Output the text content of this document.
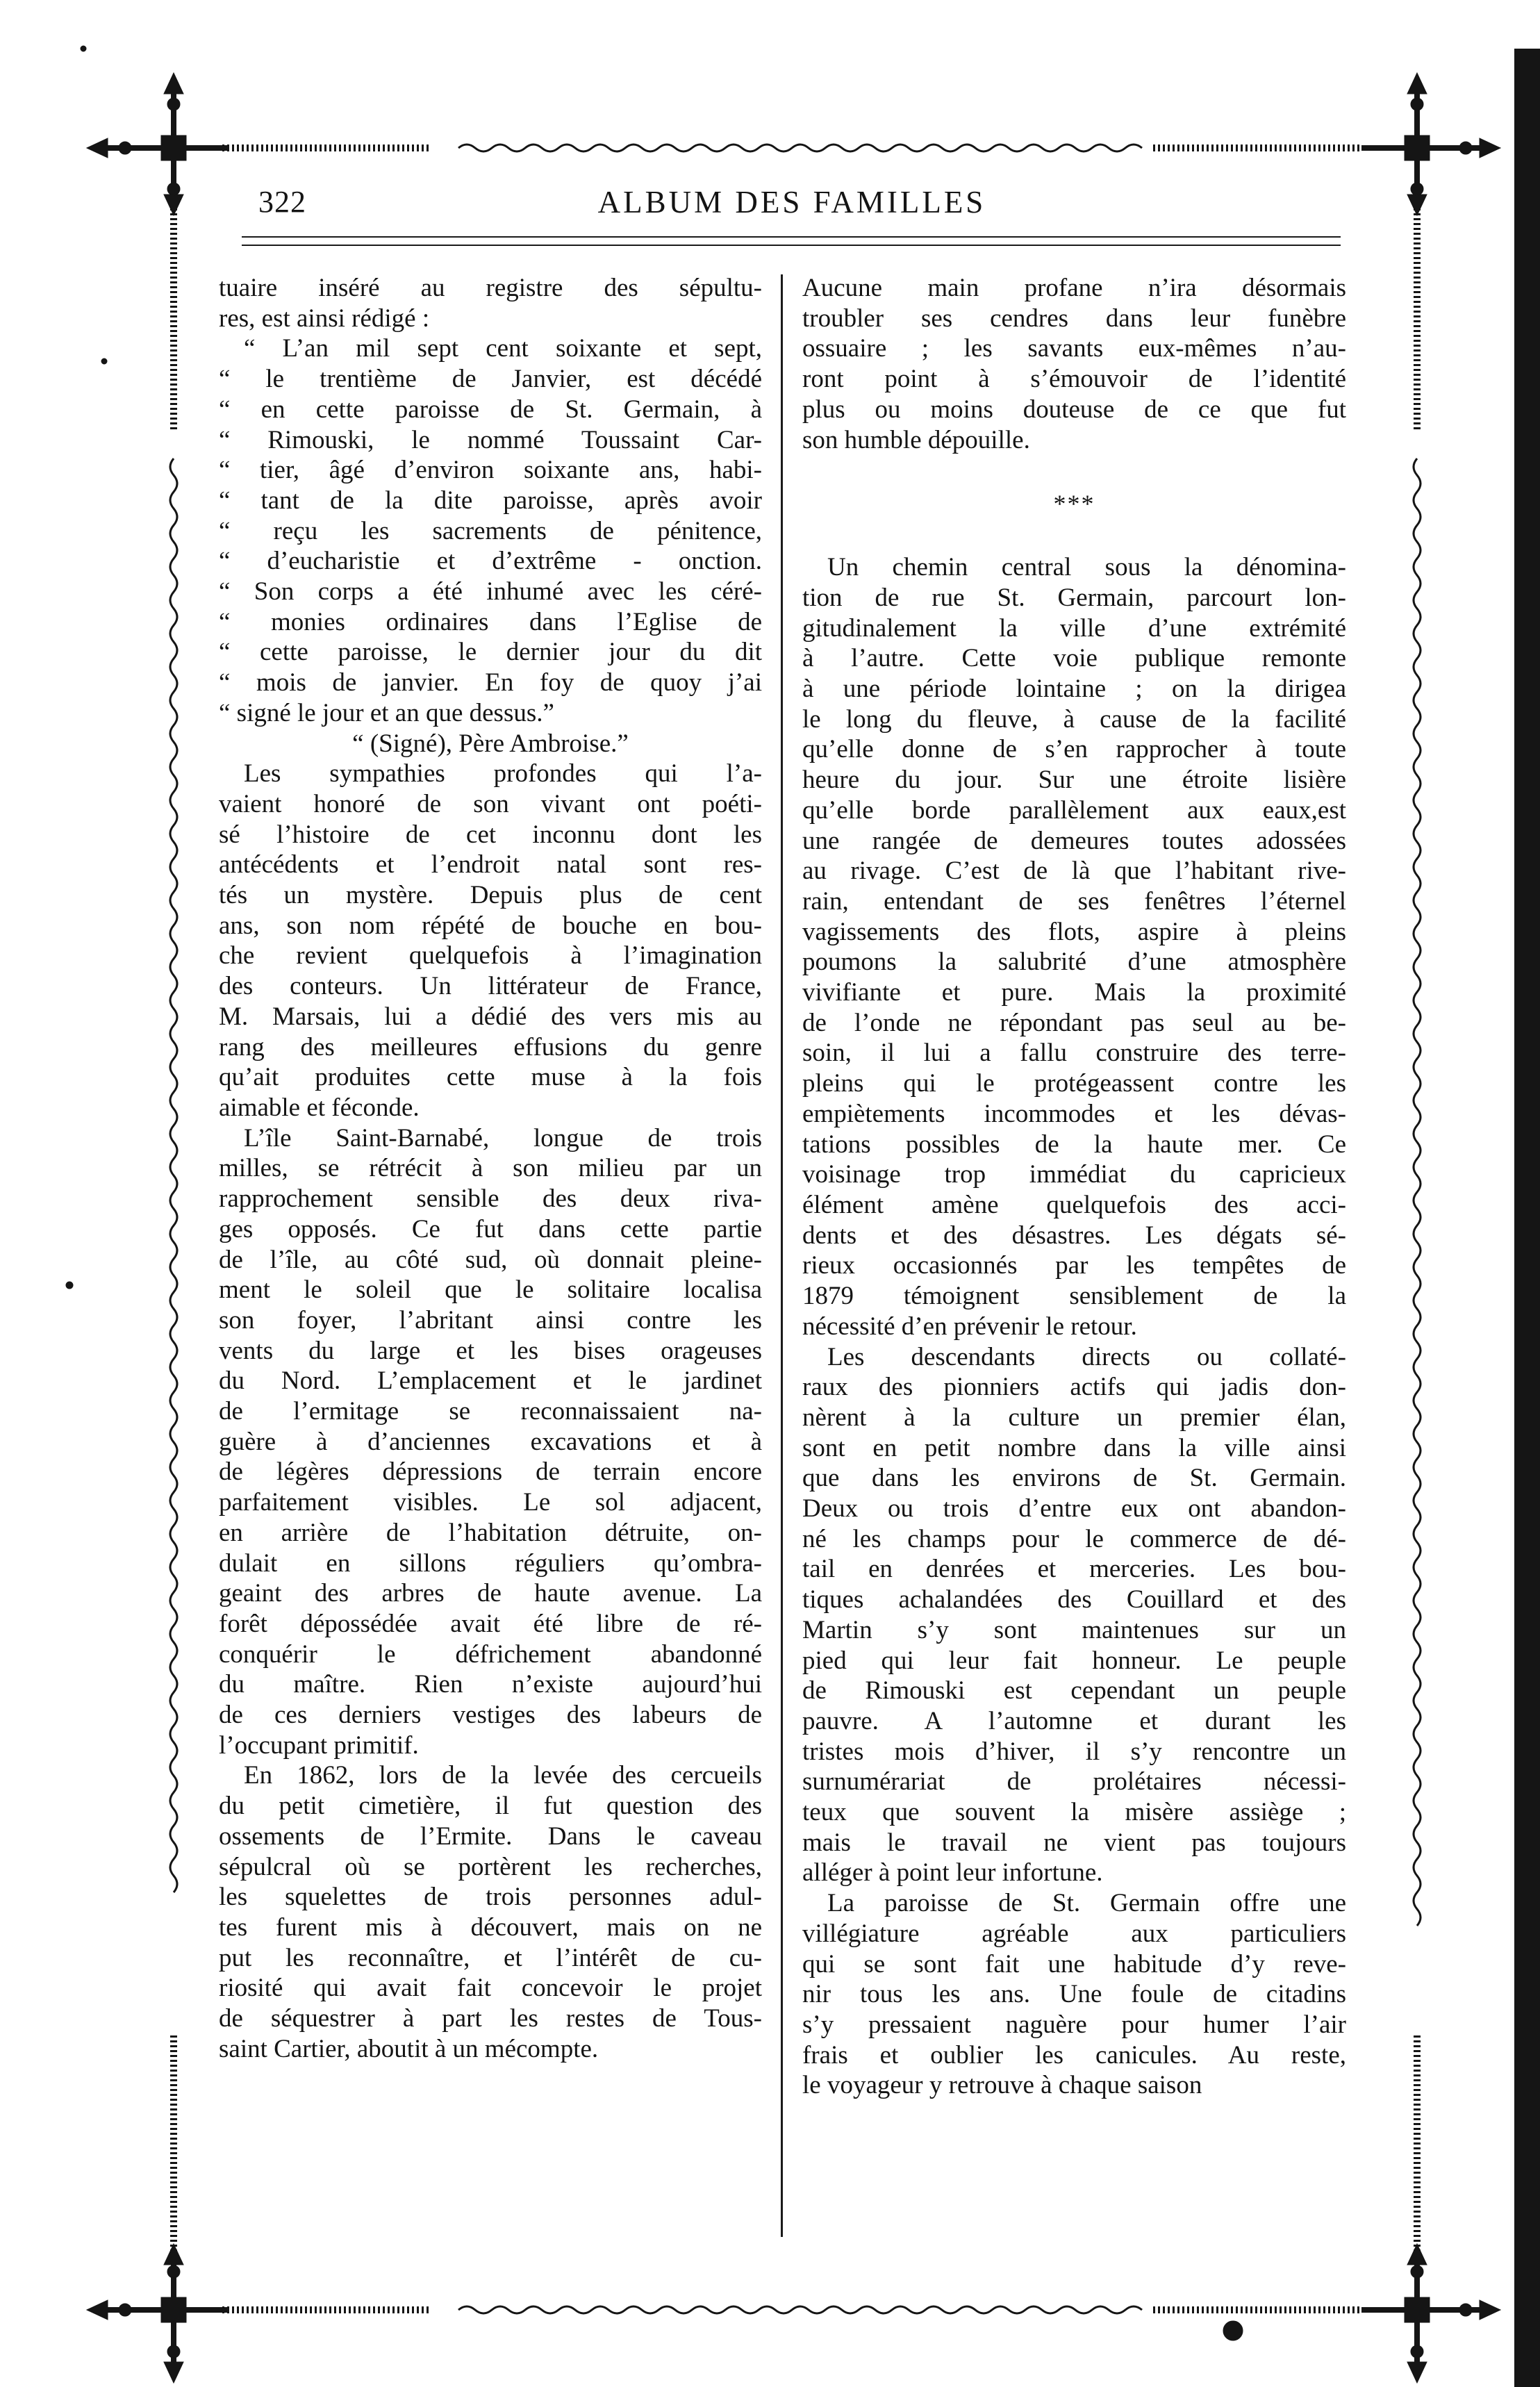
322	ALBUM DES FAMILLES
tuaire inséré au registre des sépultu-
res, est ainsi rédigé :
“ L’an mil sept cent soixante et sept,
“ le trentième de Janvier, est décédé
“ en cette paroisse de St. Germain, à
“ Rimouski, le nommé Toussaint Car-
“ tier, âgé d’environ soixante ans, habi-
“ tant de la dite paroisse, après avoir
“ reçu les sacrements de pénitence,
“ d’eucharistie et d’extrême - onction.
“ Son corps a été inhumé avec les céré-
“ monies ordinaires dans l’Eglise de
“ cette paroisse, le dernier jour du dit
“ mois de janvier. En foy de quoy j’ai
“ signé le jour et an que dessus.”
“ (Signé), Père Ambroise.”
Les sympathies profondes qui l’a-
vaient honoré de son vivant ont poéti-
sé l’histoire de cet inconnu dont les
antécédents et l’endroit natal sont res-
tés un mystère. Depuis plus de cent
ans, son nom répété de bouche en bou-
che revient quelquefois à l’imagination
des conteurs. Un littérateur de France,
M. Marsais, lui a dédié des vers mis au
rang des meilleures effusions du genre
qu’ait produites cette muse à la fois
aimable et féconde.
L’île Saint-Barnabé, longue de trois
milles, se rétrécit à son milieu par un
rapprochement sensible des deux riva-
ges opposés. Ce fut dans cette partie
de l’île, au côté sud, où donnait pleine-
ment le soleil que le solitaire localisa
son foyer, l’abritant ainsi contre les
vents du large et les bises orageuses
du Nord. L’emplacement et le jardinet
de l’ermitage se reconnaissaient na-
guère à d’anciennes excavations et à
de légères dépressions de terrain encore
parfaitement visibles. Le sol adjacent,
en arrière de l’habitation détruite, on-
dulait en sillons réguliers qu’ombra-
geaint des arbres de haute avenue. La
forêt dépossédée avait été libre de ré-
conquérir le défrichement abandonné
du maître. Rien n’existe aujourd’hui
de ces derniers vestiges des labeurs de
l’occupant primitif.
En 1862, lors de la levée des cercueils
du petit cimetière, il fut question des
ossements de l’Ermite. Dans le caveau
sépulcral où se portèrent les recherches,
les squelettes de trois personnes adul-
tes furent mis à découvert, mais on ne
put les reconnaître, et l’intérêt de cu-
riosité qui avait fait concevoir le projet
de séquestrer à part les restes de Tous-
saint Cartier, aboutit à un mécompte.
Aucune main profane n’ira désormais
troubler ses cendres dans leur funèbre
ossuaire ; les savants eux-mêmes n’au-
ront point à s’émouvoir de l’identité
plus ou moins douteuse de ce que fut
son humble dépouille.
***
Un chemin central sous la dénomina-
tion de rue St. Germain, parcourt lon-
gitudinalement la ville d’une extrémité
à l’autre. Cette voie publique remonte
à une période lointaine ; on la dirigea
le long du fleuve, à cause de la facilité
qu’elle donne de s’en rapprocher à toute
heure du jour. Sur une étroite lisière
qu’elle borde parallèlement aux eaux,est
une rangée de demeures toutes adossées
au rivage. C’est de là que l’habitant rive-
rain, entendant de ses fenêtres l’éternel
vagissements des flots, aspire à pleins
poumons la salubrité d’une atmosphère
vivifiante et pure. Mais la proximité
de l’onde ne répondant pas seul au be-
soin, il lui a fallu construire des terre-
pleins qui le protégeassent contre les
empiètements incommodes et les dévas-
tations possibles de la haute mer. Ce
voisinage trop immédiat du capricieux
élément amène quelquefois des acci-
dents et des désastres. Les dégats sé-
rieux occasionnés par les tempêtes de
1879 témoignent sensiblement de la
nécessité d’en prévenir le retour.
Les descendants directs ou collaté-
raux des pionniers actifs qui jadis don-
nèrent à la culture un premier élan,
sont en petit nombre dans la ville ainsi
que dans les environs de St. Germain.
Deux ou trois d’entre eux ont abandon-
né les champs pour le commerce de dé-
tail en denrées et merceries. Les bou-
tiques achalandées des Couillard et des
Martin s’y sont maintenues sur un
pied qui leur fait honneur. Le peuple
de Rimouski est cependant un peuple
pauvre. A l’automne et durant les
tristes mois d’hiver, il s’y rencontre un
surnumérariat de prolétaires nécessi-
teux que souvent la misère assiège ;
mais le travail ne vient pas toujours
alléger à point leur infortune.
La paroisse de St. Germain offre une
villégiature agréable aux particuliers
qui se sont fait une habitude d’y reve-
nir tous les ans. Une foule de citadins
s’y pressaient naguère pour humer l’air
frais et oublier les canicules. Au reste,
le voyageur y retrouve à chaque saison
